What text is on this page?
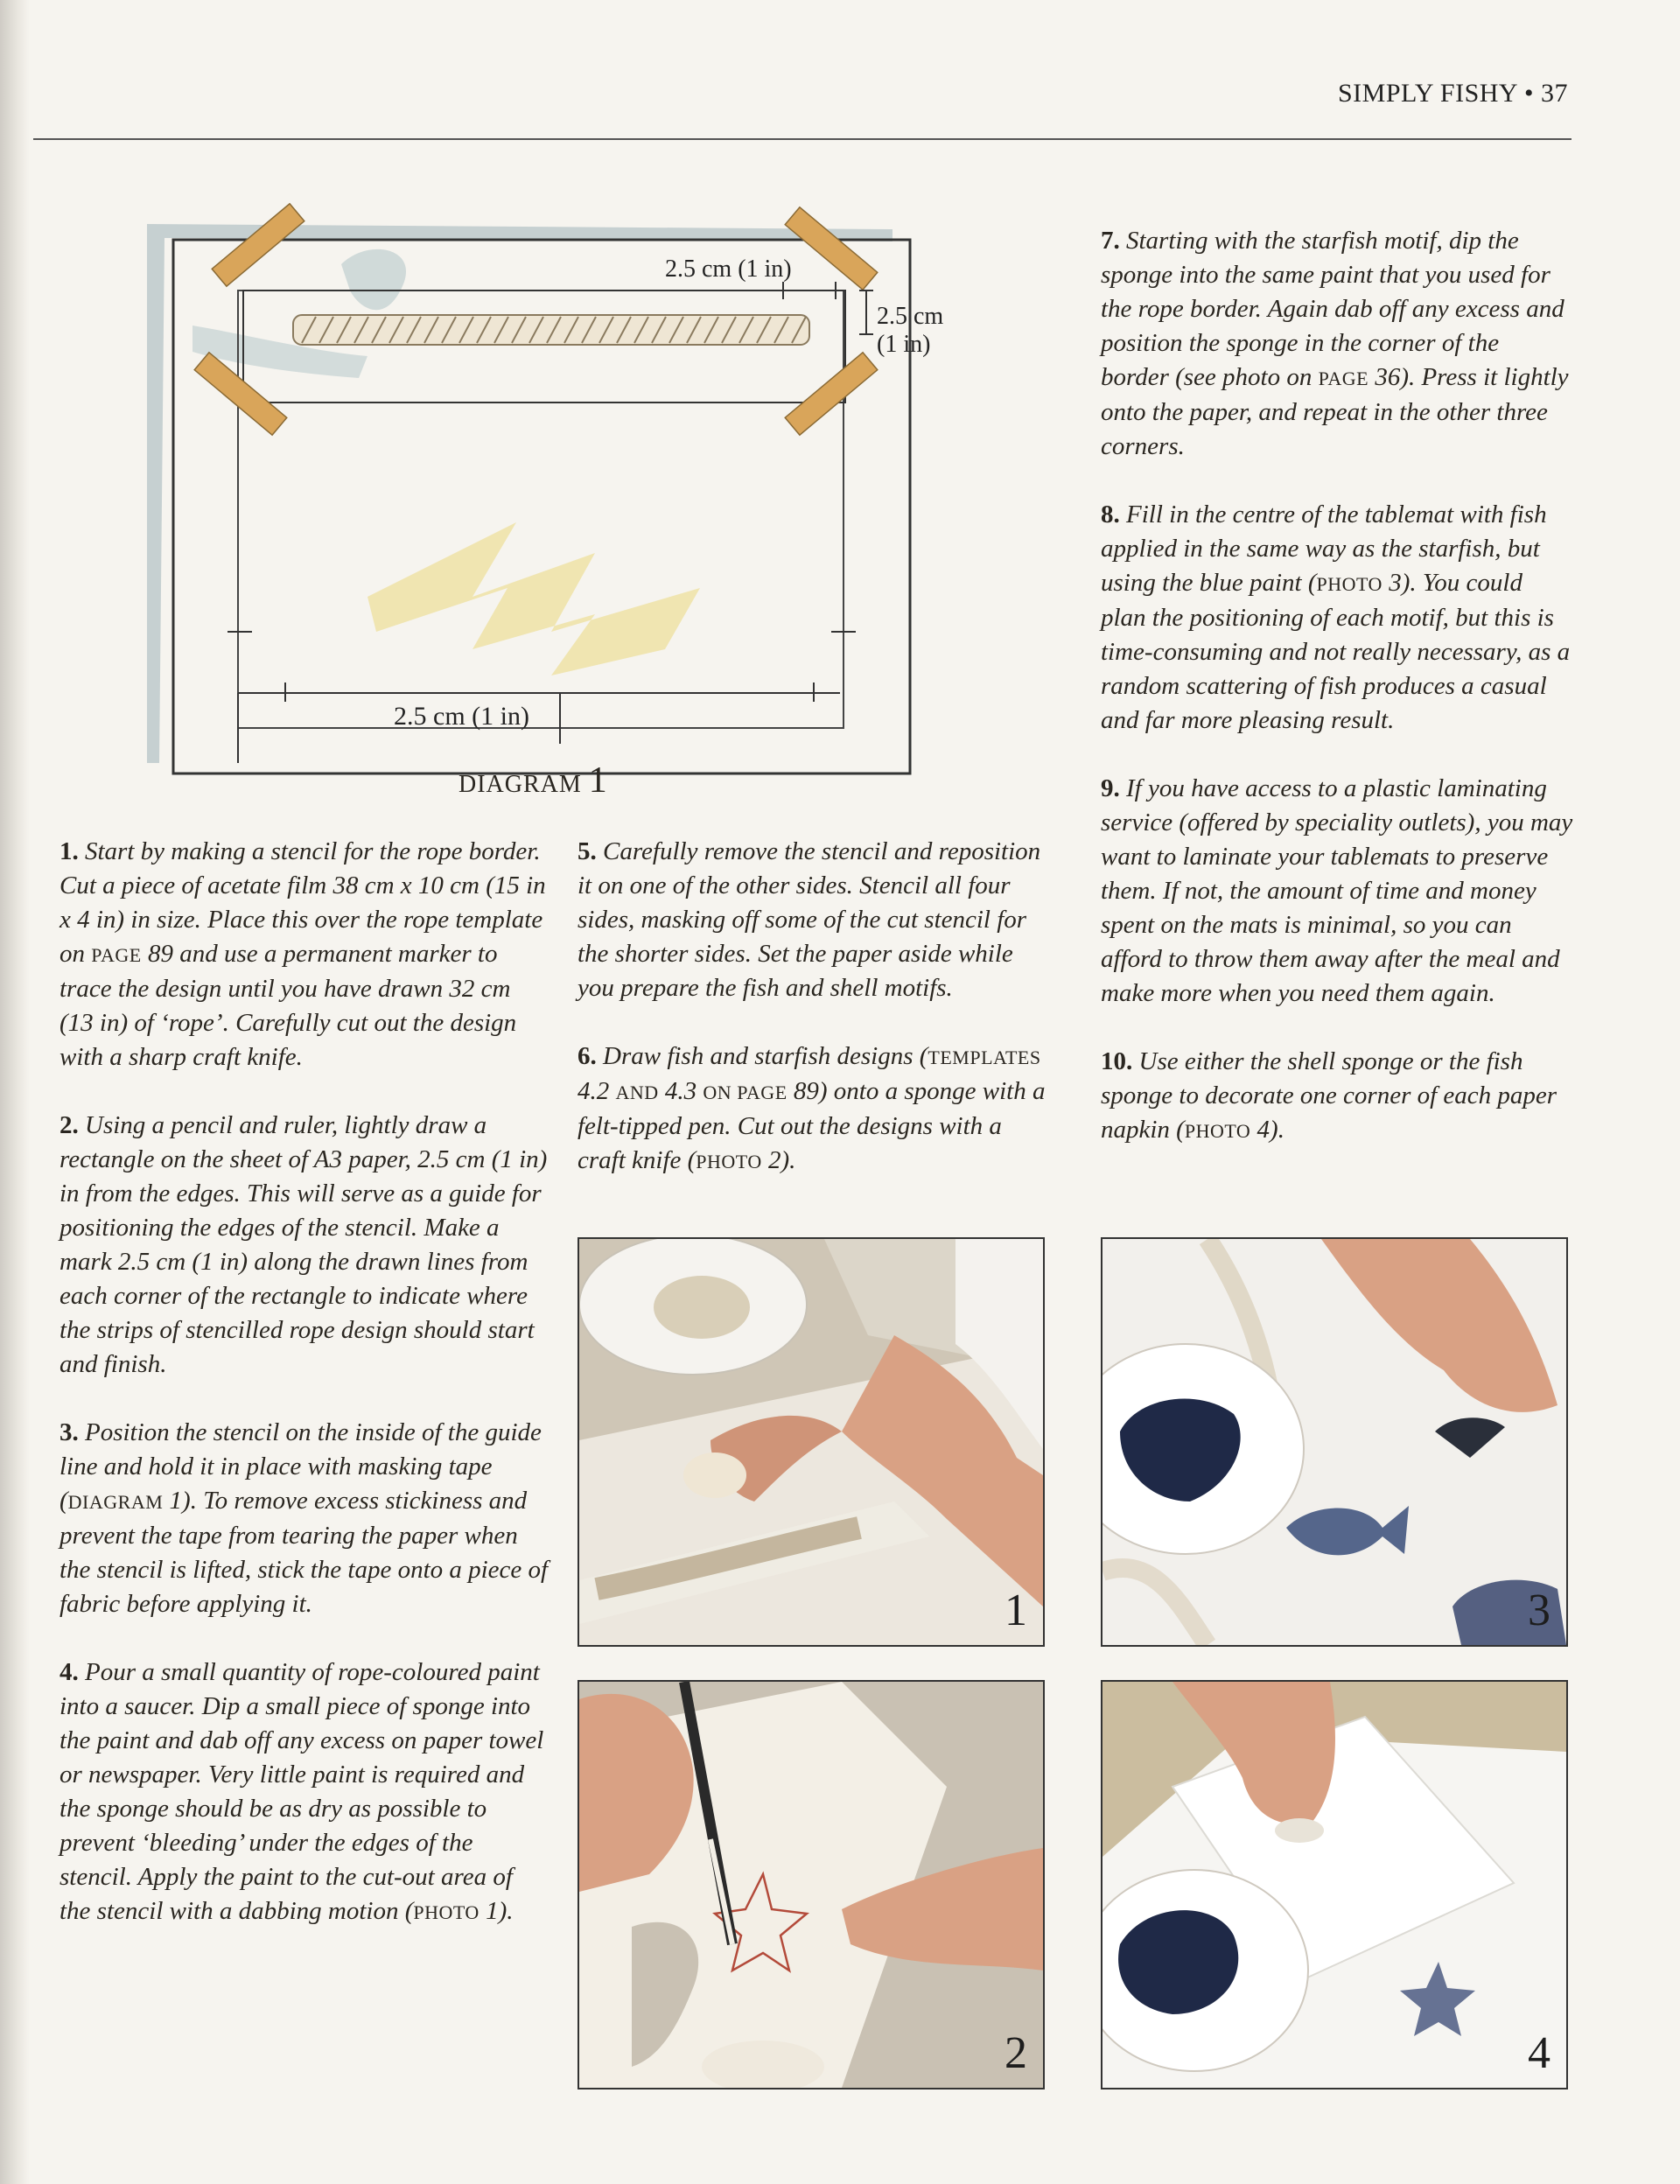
SIMPLY FISHY • 37
2.5 cm (1 in)
2.5 cm
(1 in)
2.5 cm (1 in)
DIAGRAM 1

1. Start by making a stencil for the rope border. Cut a piece of acetate film 38 cm x 10 cm (15 in x 4 in) in size. Place this over the rope template on PAGE 89 and use a permanent marker to trace the design until you have drawn 32 cm (13 in) of ‘rope’. Carefully cut out the design with a sharp craft knife.

2. Using a pencil and ruler, lightly draw a rectangle on the sheet of A3 paper, 2.5 cm (1 in) in from the edges. This will serve as a guide for positioning the edges of the stencil. Make a mark 2.5 cm (1 in) along the drawn lines from each corner of the rectangle to indicate where the strips of stencilled rope design should start and finish.

3. Position the stencil on the inside of the guide line and hold it in place with masking tape (DIAGRAM 1). To remove excess stickiness and prevent the tape from tearing the paper when the stencil is lifted, stick the tape onto a piece of fabric before applying it.

4. Pour a small quantity of rope-coloured paint into a saucer. Dip a small piece of sponge into the paint and dab off any excess on paper towel or newspaper. Very little paint is required and the sponge should be as dry as possible to prevent ‘bleeding’ under the edges of the stencil. Apply the paint to the cut-out area of the stencil with a dabbing motion (PHOTO 1).

5. Carefully remove the stencil and reposition it on one of the other sides. Stencil all four sides, masking off some of the cut stencil for the shorter sides. Set the paper aside while you prepare the fish and shell motifs.

6. Draw fish and starfish designs (TEMPLATES 4.2 AND 4.3 ON PAGE 89) onto a sponge with a felt-tipped pen. Cut out the designs with a craft knife (PHOTO 2).

7. Starting with the starfish motif, dip the sponge into the same paint that you used for the rope border. Again dab off any excess and position the sponge in the corner of the border (see photo on PAGE 36). Press it lightly onto the paper, and repeat in the other three corners.

8. Fill in the centre of the tablemat with fish applied in the same way as the starfish, but using the blue paint (PHOTO 3). You could plan the positioning of each motif, but this is time-consuming and not really necessary, as a random scattering of fish produces a casual and far more pleasing result.

9. If you have access to a plastic laminating service (offered by speciality outlets), you may want to laminate your tablemats to preserve them. If not, the amount of time and money spent on the mats is minimal, so you can afford to throw them away after the meal and make more when you need them again.

10. Use either the shell sponge or the fish sponge to decorate one corner of each paper napkin (PHOTO 4).

1
2
3
4
